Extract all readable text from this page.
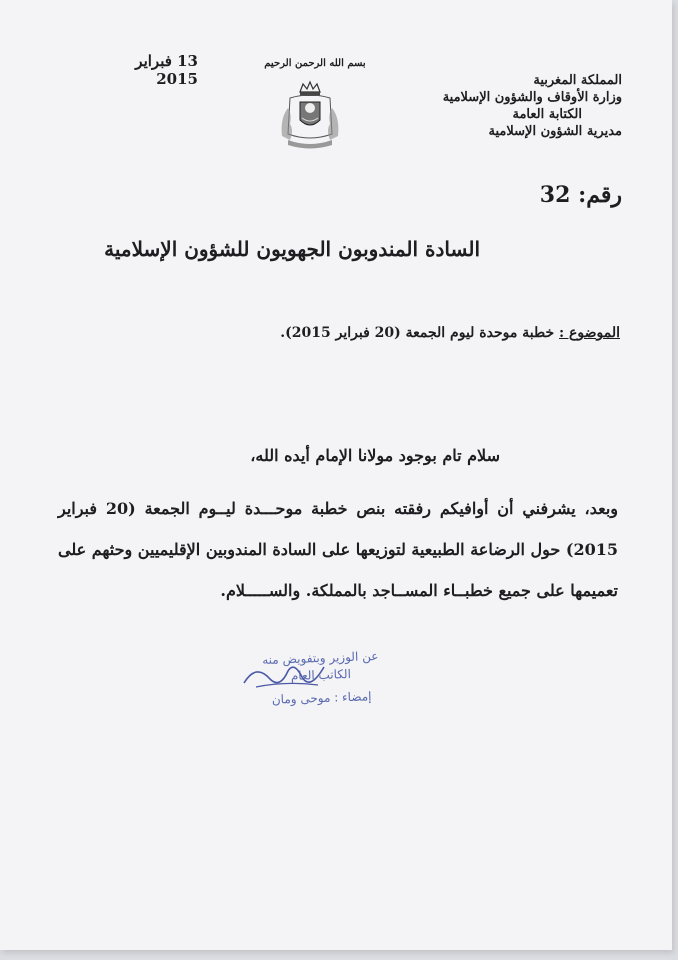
13 فبراير 2015
بسم الله الرحمن الرحيم
المملكة المغربية
وزارة الأوقاف والشؤون الإسلامية
الكتابة العامة
مديرية الشؤون الإسلامية
رقم: 32
السادة المندوبون الجهويون للشؤون الإسلامية
الموضوع : خطبة موحدة ليوم الجمعة (20 فبراير 2015).
سلام تام بوجود مولانا الإمام أيده الله،
وبعد، يشرفني أن أوافيكم رفقته بنص خطبة موحـــدة ليــوم الجمعة (20 فبراير 2015) حول الرضاعة الطبيعية لتوزيعها على السادة المندوبين الإقليميين وحثهم على تعميمها على جميع خطبــاء المســاجد بالمملكة. والســـــلام.
عن الوزير وبتفويض منه
الكاتب العام
إمضاء : موحى ومان
